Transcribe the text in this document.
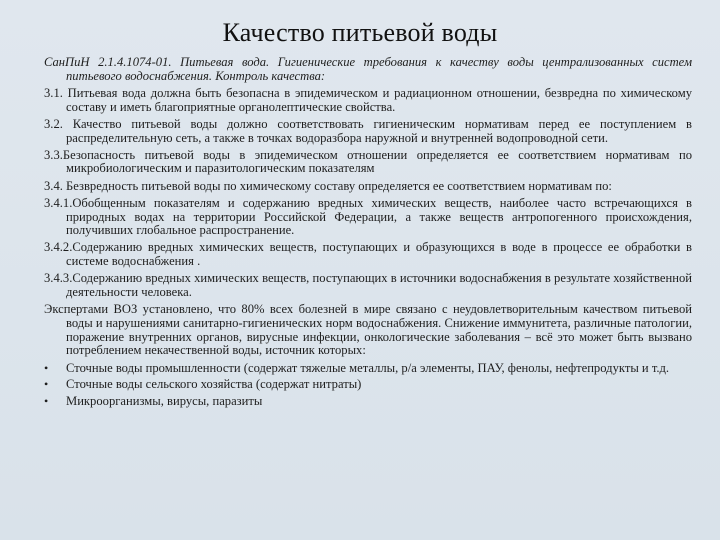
Качество питьевой воды

СанПиН 2.1.4.1074-01. Питьевая вода. Гигиенические требования к качеству воды централизованных систем питьевого водоснабжения. Контроль качества:

3.1. Питьевая вода должна быть безопасна в эпидемическом и радиационном отношении, безвредна по химическому составу и иметь благоприятные органолептические свойства.

3.2. Качество питьевой воды должно соответствовать гигиеническим нормативам перед ее поступлением в распределительную сеть, а также в точках водоразбора наружной и внутренней водопроводной сети.

3.3.Безопасность питьевой воды в эпидемическом отношении определяется ее соответствием нормативам по микробиологическим и паразитологическим показателям

3.4. Безвредность питьевой воды по химическому составу определяется ее соответствием нормативам по:

3.4.1.Обобщенным показателям и содержанию вредных химических веществ, наиболее часто встречающихся в природных водах на территории Российской Федерации, а также веществ антропогенного происхождения, получивших глобальное распространение.

3.4.2.Содержанию вредных химических веществ, поступающих и образующихся в воде в процессе ее обработки в системе водоснабжения .

3.4.3.Содержанию вредных химических веществ, поступающих в источники водоснабжения в результате хозяйственной деятельности человека.

Экспертами ВОЗ установлено, что 80% всех болезней в мире связано с неудовлетворительным качеством питьевой воды и нарушениями санитарно-гигиенических норм водоснабжения. Снижение иммунитета, различные патологии, поражение внутренних органов, вирусные инфекции, онкологические заболевания – всё это может быть вызвано потреблением некачественной воды, источник которых:

•	Сточные воды промышленности (содержат тяжелые металлы, р/а элементы, ПАУ, фенолы, нефтепродукты и т.д.
•	Сточные воды сельского хозяйства (содержат нитраты)
•	Микроорганизмы, вирусы, паразиты
